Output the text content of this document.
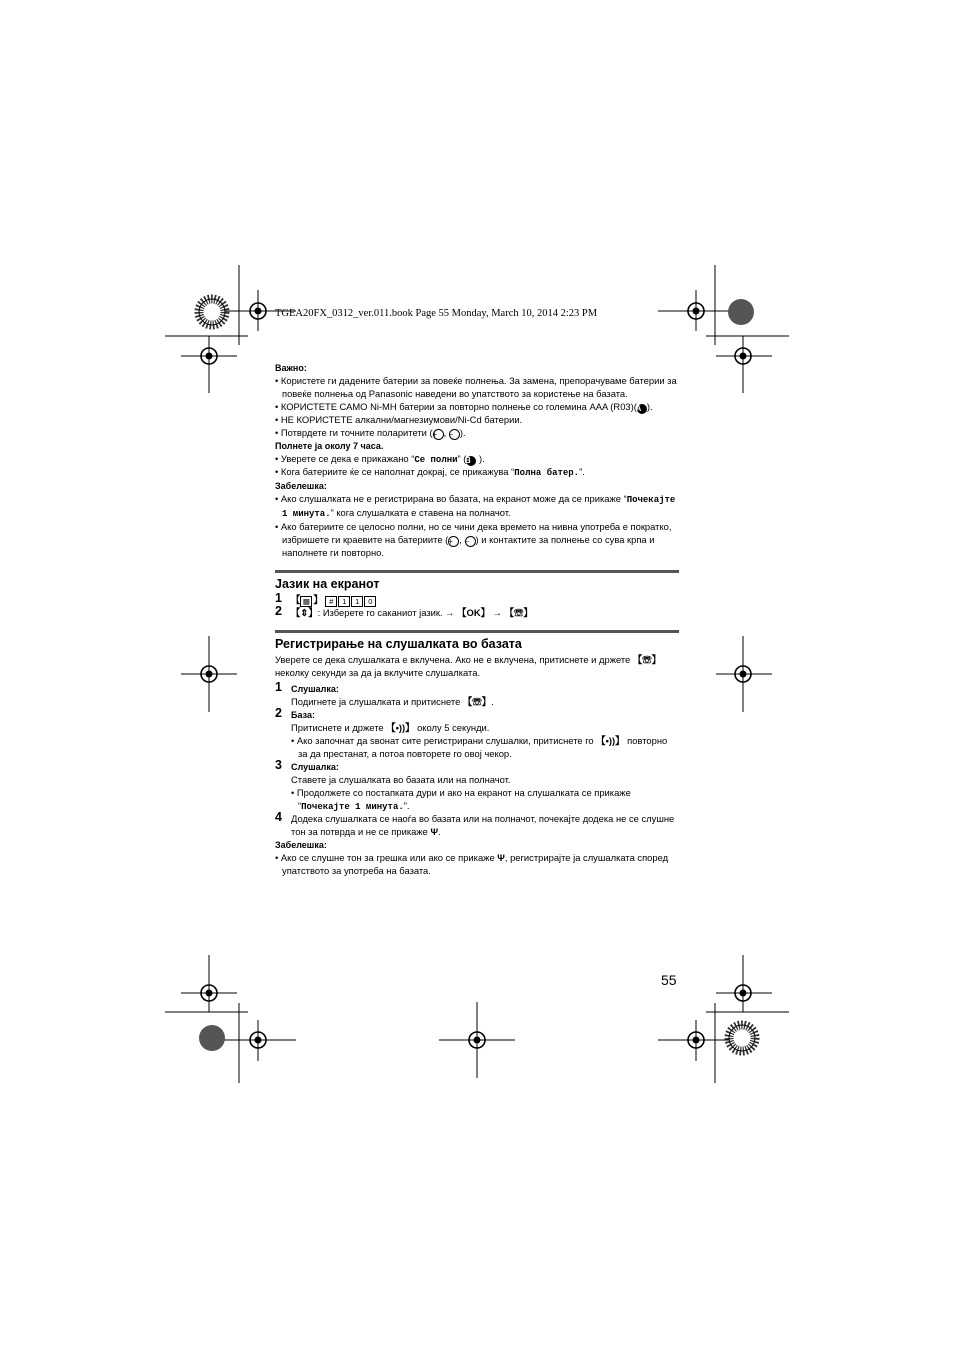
TGEA20FX_0312_ver.011.book Page 55 Monday, March 10, 2014 2:23 PM

Важно:

• Користете ги дадените батерии за повеќе полнења. За замена, препорачуваме батерии за повеќе полнења од Panasonic наведени во упатството за користење на базата.

• КОРИСТЕТЕ САМО Ni-MH батерии за повторно полнење со големина AAA (R03)(A ).

• НЕ КОРИСТЕТЕ алкални/магнезиумови/Ni-Cd батерии.

• Потврдете ги точните поларитети (+ , − ).

Полнете ја околу 7 часа.

• Уверете се дека е прикажано “Се полни” (B ).

• Кога батериите ќе се наполнат докрај, се прикажува “Полна батер.”.

Забелешка:

• Ако слушалката не е регистрирана во базата, на екранот може да се прикаже “Почекајте 1 минута.” кога слушалката е ставена на полначот.

• Ако батериите се целосно полни, но се чини дека времето на нивна употреба е пократко, избришете ги краевите на батериите (+ , − ) и контактите за полнење со сува крпа и наполнете ги повторно.

Јазик на екранот
1 【 ▦ 】 # 1 1 0
2 【⇕】: Изберете го саканиот јазик. → 【OK】 → 【☏】
Регистрирање на слушалката во базата

Уверете се дека слушалката е вклучена. Ако не е вклучена, притиснете и држете 【☏】 неколку секунди за да ја вклучите слушалката.

1 Слушалка:

Подигнете ја слушалката и притиснете 【☏】.

2 База:

Притиснете и држете 【•))】 околу 5 секунди.

• Ако започнат да ѕвонат сите регистрирани слушалки, притиснете го 【•))】 повторно за да престанат, а потоа повторете го овој чекор.

3 Слушалка:

Ставете ја слушалката во базата или на полначот.

• Продолжете со постапката дури и ако на екранот на слушалката се прикаже “Почекајте 1 минута.”.

4 Додека слушалката се наоѓа во базата или на полначот, почекајте додека не се слушне тон за потврда и не се прикаже Ψ.

Забелешка:

• Ако се слушне тон за грешка или ако се прикаже Ψ, регистрирајте ја слушалката според упатството за употреба на базата.

55
